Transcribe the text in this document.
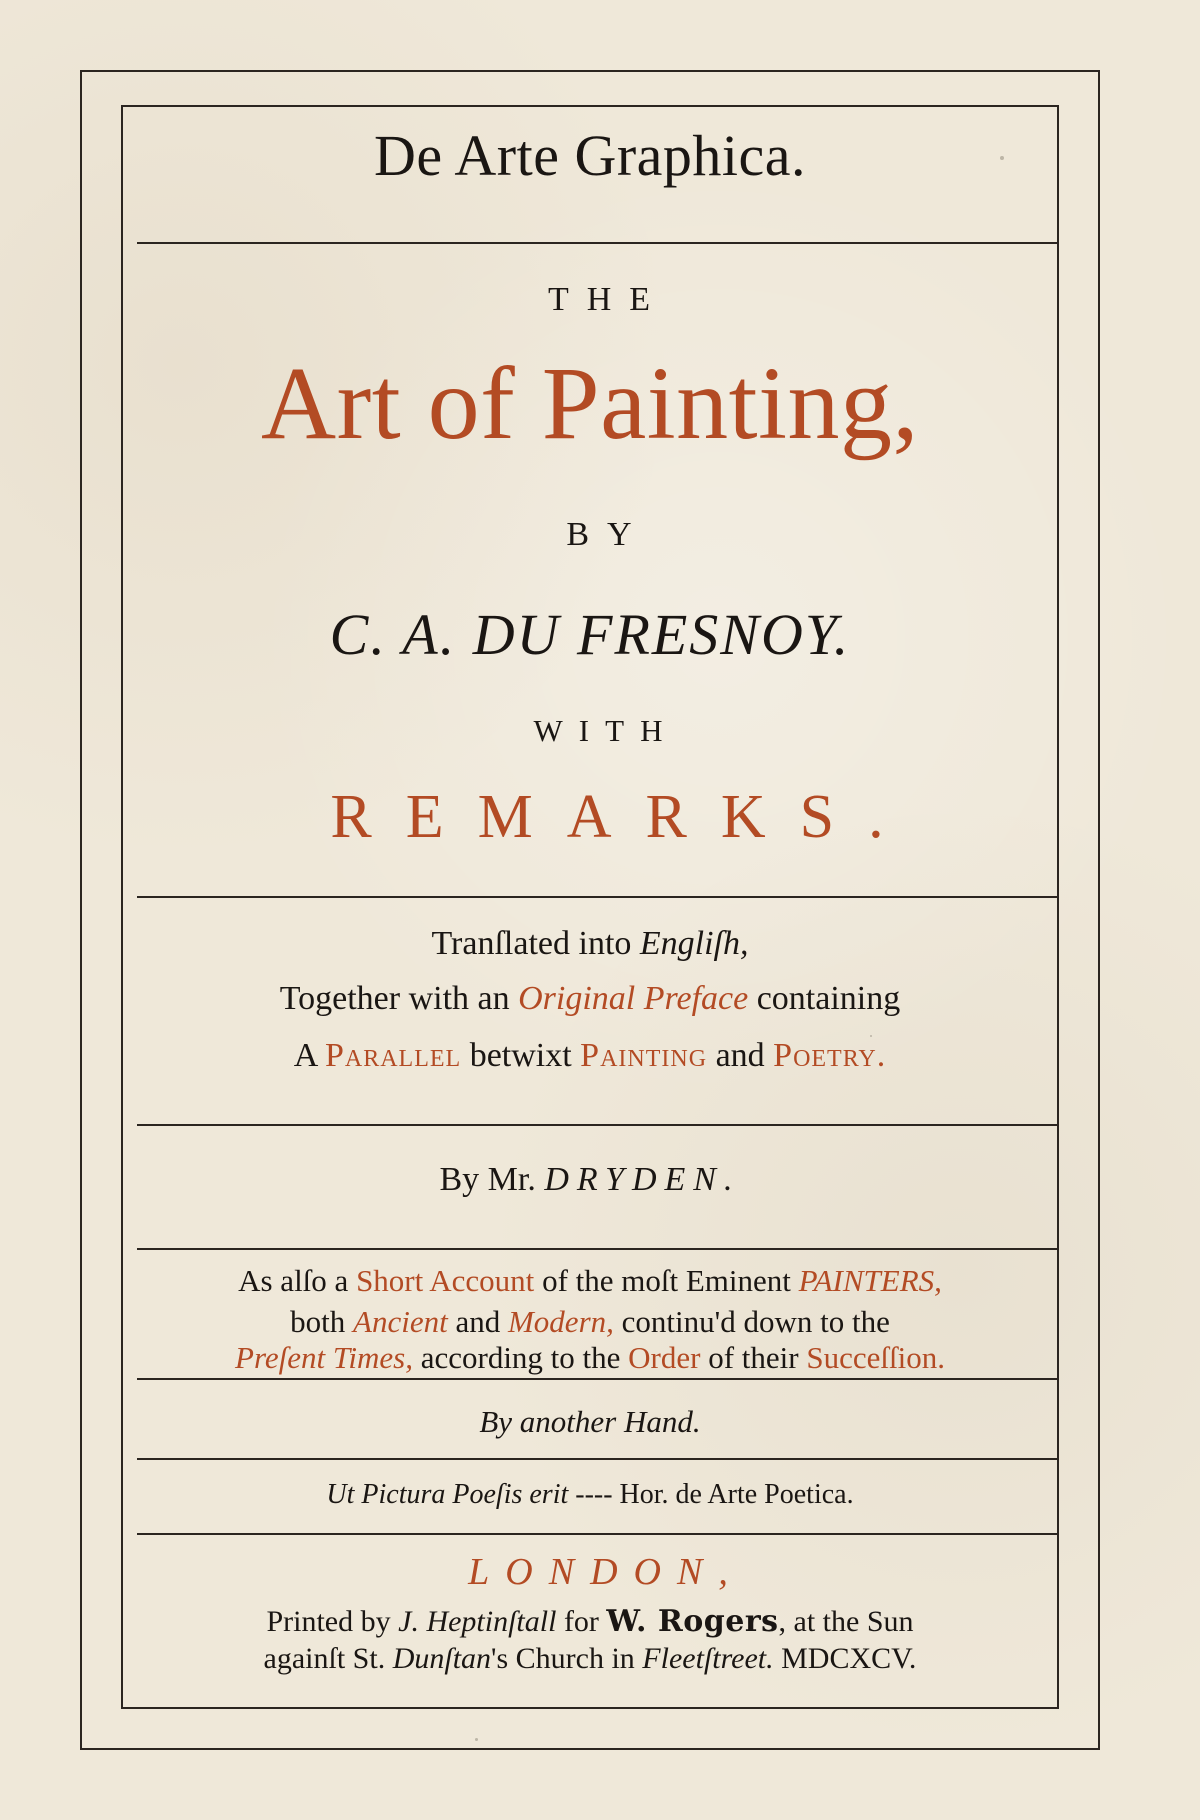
De Arte Graphica.
THE
Art of Painting,
BY
C. A. DU FRESNOY.
WITH
REMARKS.
Tranſlated into Engliſh,
Together with an Original Preface containing
A Parallel betwixt Painting and Poetry.
By Mr. DRYDEN.
As alſo a Short Account of the moſt Eminent PAINTERS,
both Ancient and Modern, continu'd down to the
Preſent Times, according to the Order of their Succeſſion.
By another Hand.
Ut Pictura Poeſis erit ---- Hor. de Arte Poetica.
LONDON,
Printed by J. Heptinſtall for W. Rogers, at the Sun
againſt St. Dunſtan's Church in Fleetſtreet. MDCXCV.
